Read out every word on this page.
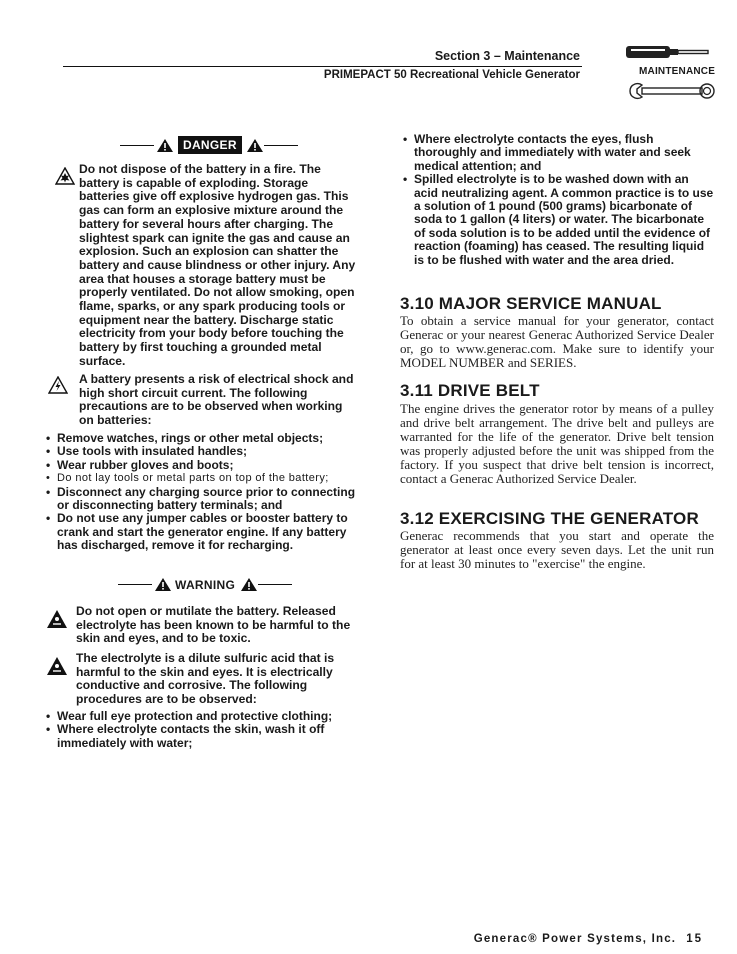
Section 3 – Maintenance
PRIMEPACT 50 Recreational Vehicle Generator	MAINTENANCE
DANGER
Do not dispose of the battery in a fire. The battery is capable of exploding. Storage batteries give off explosive hydrogen gas. This gas can form an explosive mixture around the battery for several hours after charging. The slightest spark can ignite the gas and cause an explosion. Such an explosion can shatter the battery and cause blindness or other injury. Any area that houses a storage battery must be properly ventilated. Do not allow smoking, open flame, sparks, or any spark producing tools or equipment near the battery. Discharge static electricity from your body before touching the battery by first touching a grounded metal surface.
A battery presents a risk of electrical shock and high short circuit current. The following precautions are to be observed when working on batteries:
• Remove watches, rings or other metal objects;
• Use tools with insulated handles;
• Wear rubber gloves and boots;
• Do not lay tools or metal parts on top of the battery;
• Disconnect any charging source prior to connecting or disconnecting battery terminals; and
• Do not use any jumper cables or booster battery to crank and start the generator engine. If any battery has discharged, remove it for recharging.
WARNING
Do not open or mutilate the battery. Released electrolyte has been known to be harmful to the skin and eyes, and to be toxic.
The electrolyte is a dilute sulfuric acid that is harmful to the skin and eyes. It is electrically conductive and corrosive. The following procedures are to be observed:
• Wear full eye protection and protective clothing;
• Where electrolyte contacts the skin, wash it off immediately with water;
• Where electrolyte contacts the eyes, flush thoroughly and immediately with water and seek medical attention; and
• Spilled electrolyte is to be washed down with an acid neutralizing agent. A common practice is to use a solution of 1 pound (500 grams) bicarbonate of soda to 1 gallon (4 liters) or water. The bicarbonate of soda solution is to be added until the evidence of reaction (foaming) has ceased. The resulting liquid is to be flushed with water and the area dried.
3.10 MAJOR SERVICE MANUAL
To obtain a service manual for your generator, contact Generac or your nearest Generac Authorized Service Dealer or, go to www.generac.com. Make sure to identify your MODEL NUMBER and SERIES.
3.11 DRIVE BELT
The engine drives the generator rotor by means of a pulley and drive belt arrangement. The drive belt and pulleys are warranted for the life of the generator. Drive belt tension was properly adjusted before the unit was shipped from the factory. If you suspect that drive belt tension is incorrect, contact a Generac Authorized Service Dealer.
3.12 EXERCISING THE GENERATOR
Generac recommends that you start and operate the generator at least once every seven days. Let the unit run for at least 30 minutes to "exercise" the engine.
Generac® Power Systems, Inc. 15
